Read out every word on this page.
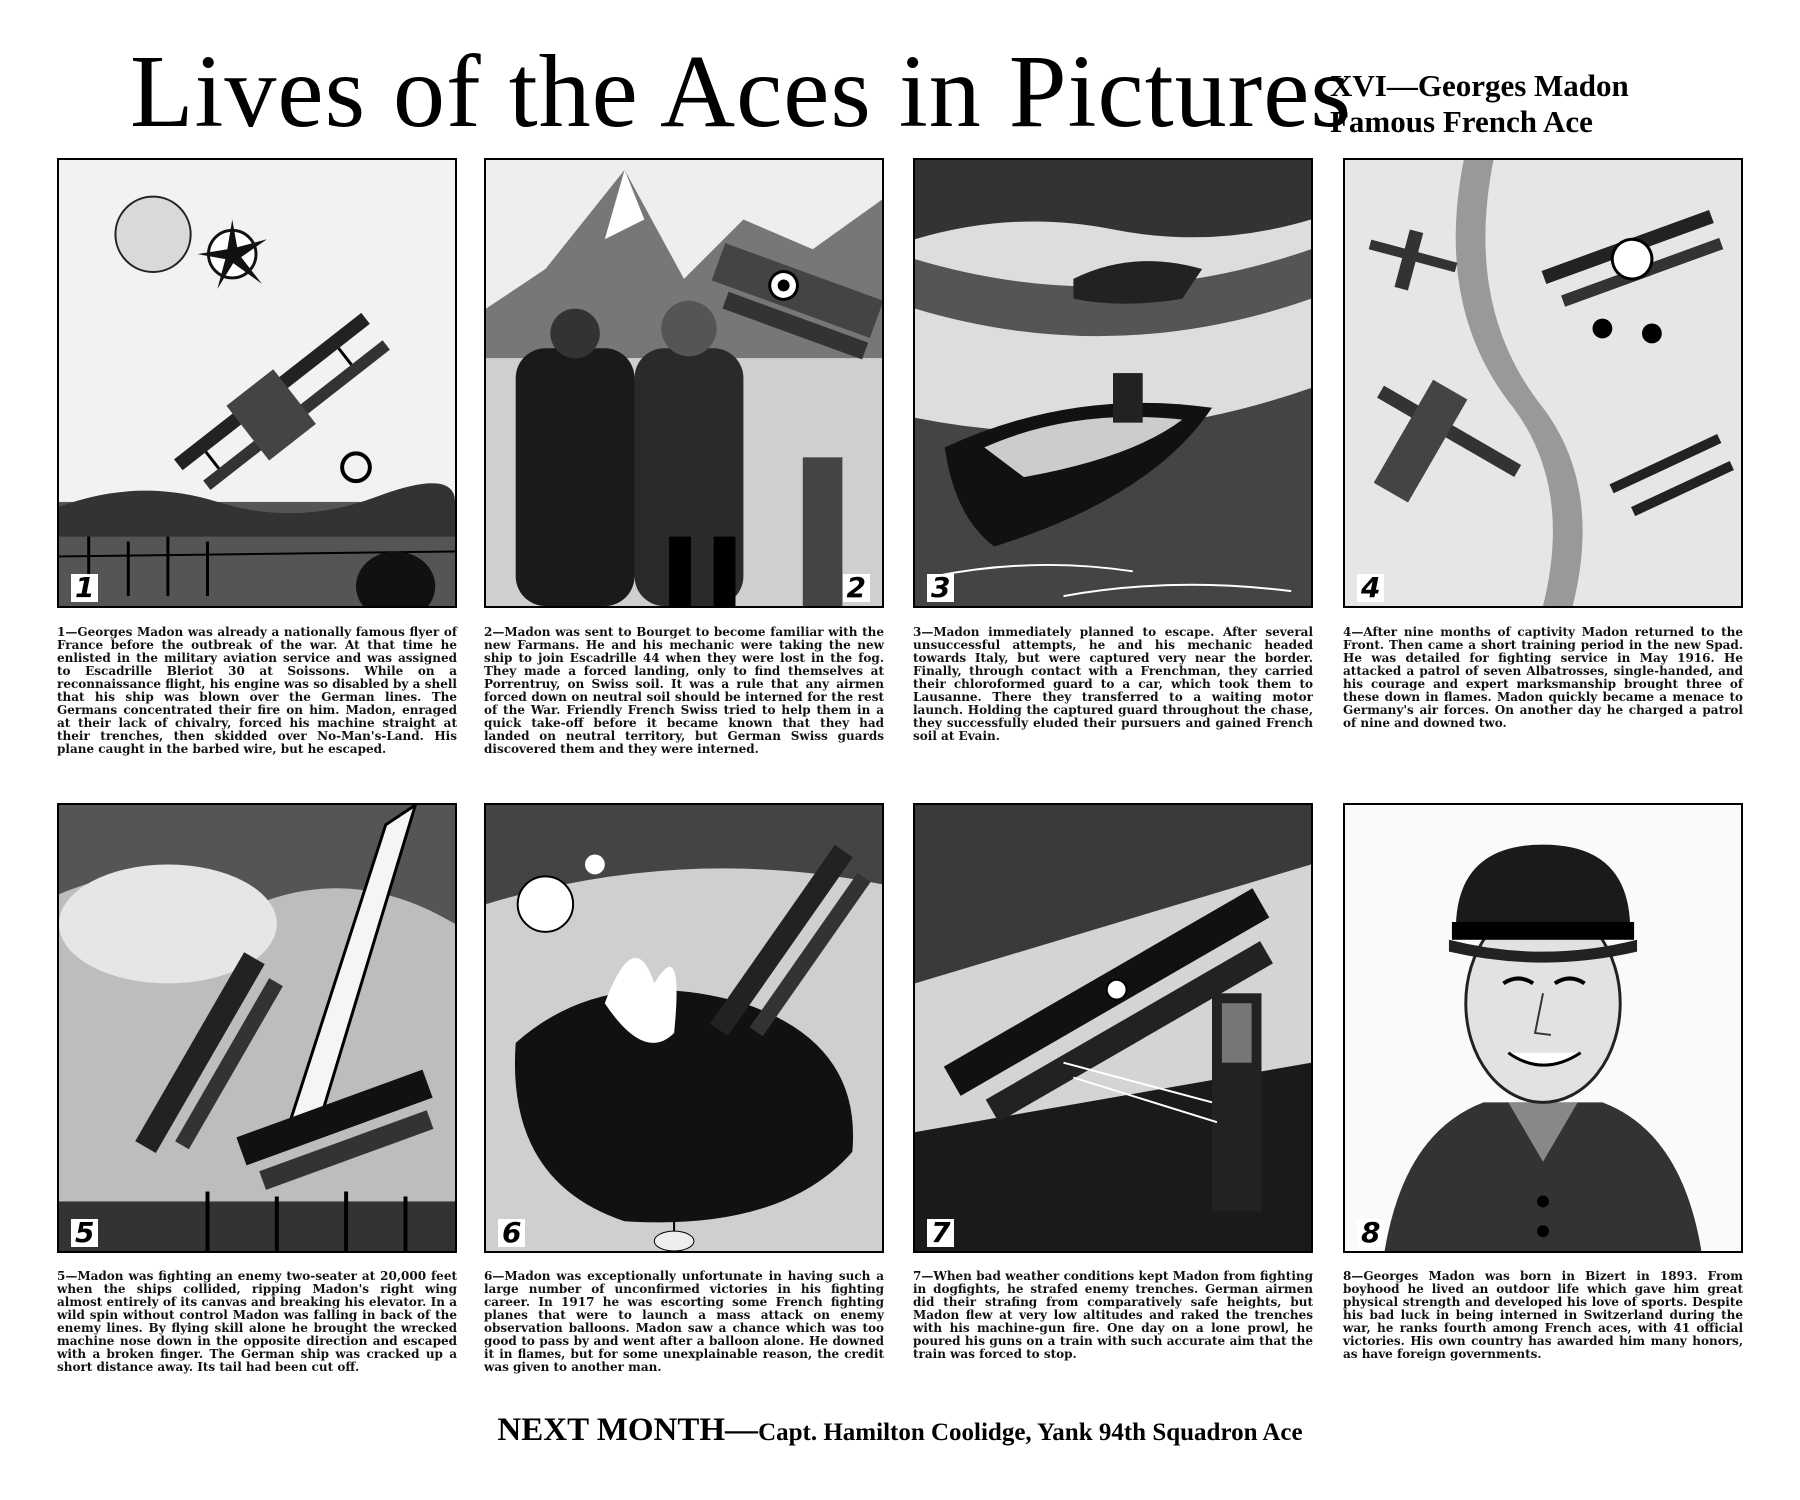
Lives of the Aces in Pictures
XVI—Georges Madon
Famous French Ace
1

1—Georges Madon was already a nationally famous flyer of France before the outbreak of the war. At that time he enlisted in the military aviation service and was assigned to Escadrille Bleriot 30 at Soissons. While on a reconnaissance flight, his engine was so disabled by a shell that his ship was blown over the German lines. The Germans concentrated their fire on him. Madon, enraged at their lack of chivalry, forced his machine straight at their trenches, then skidded over No-Man's-Land. His plane caught in the barbed wire, but he escaped.

2

2—Madon was sent to Bourget to become familiar with the new Farmans. He and his mechanic were taking the new ship to join Escadrille 44 when they were lost in the fog. They made a forced landing, only to find themselves at Porrentruy, on Swiss soil. It was a rule that any airmen forced down on neutral soil should be interned for the rest of the War. Friendly French Swiss tried to help them in a quick take-off before it became known that they had landed on neutral territory, but German Swiss guards discovered them and they were interned.

3

3—Madon immediately planned to escape. After several unsuccessful attempts, he and his mechanic headed towards Italy, but were captured very near the border. Finally, through contact with a Frenchman, they carried their chloroformed guard to a car, which took them to Lausanne. There they transferred to a waiting motor launch. Holding the captured guard throughout the chase, they successfully eluded their pursuers and gained French soil at Evain.

4

4—After nine months of captivity Madon returned to the Front. Then came a short training period in the new Spad. He was detailed for fighting service in May 1916. He attacked a patrol of seven Albatrosses, single-handed, and his courage and expert marksmanship brought three of these down in flames. Madon quickly became a menace to Germany's air forces. On another day he charged a patrol of nine and downed two.

5

5—Madon was fighting an enemy two-seater at 20,000 feet when the ships collided, ripping Madon's right wing almost entirely of its canvas and breaking his elevator. In a wild spin without control Madon was falling in back of the enemy lines. By flying skill alone he brought the wrecked machine nose down in the opposite direction and escaped with a broken finger. The German ship was cracked up a short distance away. Its tail had been cut off.

6

6—Madon was exceptionally unfortunate in having such a large number of unconfirmed victories in his fighting career. In 1917 he was escorting some French fighting planes that were to launch a mass attack on enemy observation balloons. Madon saw a chance which was too good to pass by and went after a balloon alone. He downed it in flames, but for some unexplainable reason, the credit was given to another man.

7

7—When bad weather conditions kept Madon from fighting in dogfights, he strafed enemy trenches. German airmen did their strafing from comparatively safe heights, but Madon flew at very low altitudes and raked the trenches with his machine-gun fire. One day on a lone prowl, he poured his guns on a train with such accurate aim that the train was forced to stop.

8

8—Georges Madon was born in Bizert in 1893. From boyhood he lived an outdoor life which gave him great physical strength and developed his love of sports. Despite his bad luck in being interned in Switzerland during the war, he ranks fourth among French aces, with 41 official victories. His own country has awarded him many honors, as have foreign governments.

NEXT MONTH—Capt. Hamilton Coolidge, Yank 94th Squadron Ace
